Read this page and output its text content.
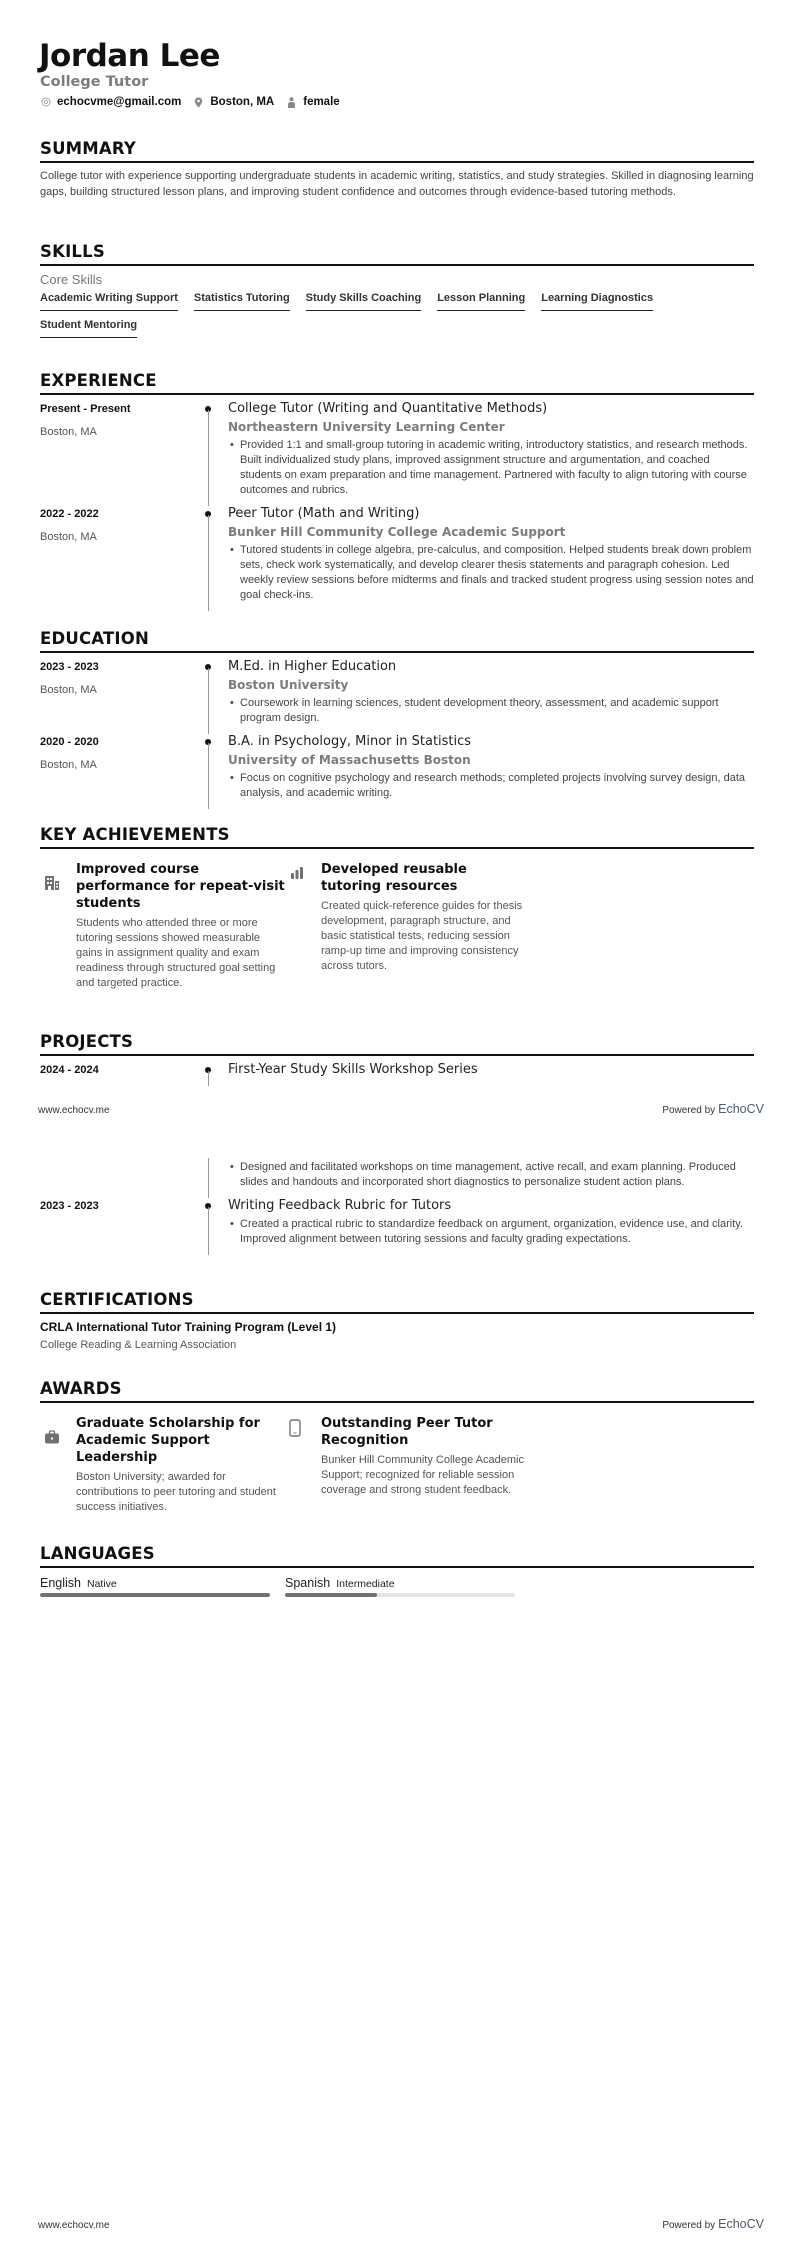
Jordan Lee
College Tutor
echocvme@gmail.com	Boston, MA	female
SUMMARY
College tutor with experience supporting undergraduate students in academic writing, statistics, and study strategies. Skilled in diagnosing learning gaps, building structured lesson plans, and improving student confidence and outcomes through evidence-based tutoring methods.
SKILLS
Core Skills
Academic Writing Support Statistics Tutoring Study Skills Coaching Lesson Planning Learning Diagnostics
Student Mentoring
EXPERIENCE
Present - Present
Boston, MA
College Tutor (Writing and Quantitative Methods)
Northeastern University Learning Center
• Provided 1:1 and small-group tutoring in academic writing, introductory statistics, and research methods. Built individualized study plans, improved assignment structure and argumentation, and coached students on exam preparation and time management. Partnered with faculty to align tutoring with course outcomes and rubrics.
2022 - 2022
Boston, MA
Peer Tutor (Math and Writing)
Bunker Hill Community College Academic Support
• Tutored students in college algebra, pre-calculus, and composition. Helped students break down problem sets, check work systematically, and develop clearer thesis statements and paragraph cohesion. Led weekly review sessions before midterms and finals and tracked student progress using session notes and goal check-ins.
EDUCATION
2023 - 2023
Boston, MA
M.Ed. in Higher Education
Boston University
• Coursework in learning sciences, student development theory, assessment, and academic support program design.
2020 - 2020
Boston, MA
B.A. in Psychology, Minor in Statistics
University of Massachusetts Boston
• Focus on cognitive psychology and research methods; completed projects involving survey design, data analysis, and academic writing.
KEY ACHIEVEMENTS
Improved course performance for repeat-visit students
Students who attended three or more tutoring sessions showed measurable gains in assignment quality and exam readiness through structured goal setting and targeted practice.
Developed reusable tutoring resources
Created quick-reference guides for thesis development, paragraph structure, and basic statistical tests, reducing session ramp-up time and improving consistency across tutors.
PROJECTS
2024 - 2024	First-Year Study Skills Workshop Series
www.echocv.me	Powered by EchoCV
• Designed and facilitated workshops on time management, active recall, and exam planning. Produced slides and handouts and incorporated short diagnostics to personalize student action plans.
2023 - 2023	Writing Feedback Rubric for Tutors
• Created a practical rubric to standardize feedback on argument, organization, evidence use, and clarity. Improved alignment between tutoring sessions and faculty grading expectations.
CERTIFICATIONS
CRLA International Tutor Training Program (Level 1)
College Reading & Learning Association
AWARDS
Graduate Scholarship for Academic Support Leadership
Boston University; awarded for contributions to peer tutoring and student success initiatives.
Outstanding Peer Tutor Recognition
Bunker Hill Community College Academic Support; recognized for reliable session coverage and strong student feedback.
LANGUAGES
English Native	Spanish Intermediate
www.echocv.me	Powered by EchoCV
